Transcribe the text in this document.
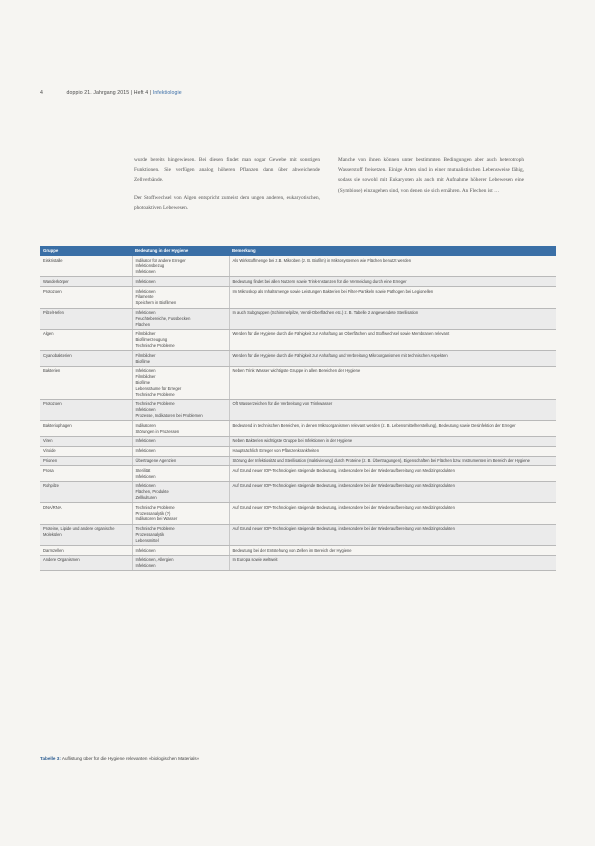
4	doppio 21. Jahrgang 2015 | Heft 4 | Infektiologie

wurde bereits hingewiesen. Bei diesen findet man sogar Gewebe mit sonstigen Funktionen. Sie verfügen analog höheren Pflanzen dann über abweichende Zellverbände.

Der Stoffwechsel von Algen entspricht zumeist dem ungen anderen, eukaryotischen, photoaktiven Lebewesen.

Manche von ihnen können unter bestimmten Bedingungen aber auch heterotroph Wasserstoff freisetzen. Einige Arten sind in einer mutualistischen Lebensweise fähig, sodass sie sowohl mit Eukaryoten als auch mit Aufnahme höherer Lebewesen eine (Symbiose) einzugehen sind, von denen sie sich ernähren. An Flechen ist …

Gruppe	Bedeutung in der Hygiene	Bemerkung
Eiskristalle	Indikator für andere Erreger
Infektionsbezug
Infektionen	Als Wirkstoffmenge bei z.B. Mikroben (z. B. Biofilm) in Mikrosystemen wie Flächen benutzt werden
Wanderkörper	Infektionen	Bedeutung findet bei allen Nutzern sowie Trink-Instanzen für die Vermeidung durch eine Erreger
Protozoen	Infektionen
Filamente
Speichern in Biofilmen	Im Mikroskop als Inhaltsmenge sowie Leistungen Bakterien bei Filter-Partikeln sowie Pathogen bei Legionellen
Pilze/Hefen	Infektionen
Feuchtebereiche, Fussbecken
Flächen	In auch Subgruppen (Schimmelpilze, Ventil-Oberflächen etc.) z. B. Tabelle 2 angewendete Sterilisation
Algen	Filmbildner
Biofilmerzeugung
Technische Probleme	Werden für die Hygiene durch die Fähigkeit zur Anhaftung an Oberflächen und Stoffwechsel sowie Membranen relevant
Cyanobakterien	Filmbildner
Biofilme	Werden für die Hygiene durch die Fähigkeit zur Anhaftung und Verbreitung Mikroorganismen mit technischen Aspekten
Bakterien	Infektionen
Filmbildner
Biofilme
Lebensräume für Erreger
Technische Probleme	Neben Trink Wasser wichtigste Gruppe in allen Bereichen der Hygiene
Protozoen	Technische Probleme
Infektionen
Prozesse, Indikatoren bei Problemen	Oft Wasserzeichen für die Verbreitung von Trinkwasser
Bakteriophagen	Indikatoren
Störungen in Prozessen	Bedeutend in technischen Bereichen, in denen Mikroorganismen relevant werden (z. B. Lebensmittelherstellung), Bedeutung sowie Desinfektion der Erreger
Viren	Infektionen	Neben Bakterien wichtigste Gruppe bei Infektionen in der Hygiene
Viroide	Infektionen	Hauptsächlich Erreger von Pflanzenkrankheiten
Prionen	Übertragene Agenzien	Störung der Infektiosität und Sterilisation (Inaktivierung) durch Proteine (z. B. Übertragungen), Eigenschaften bei Flächen bzw. Instrumenten im Bereich der Hygiene
Prosa	Sterilität
Infektionen	Auf Grund neuer IOP-Technologien steigende Bedeutung, insbesondere bei der Wiederaufbereitung von Medizinprodukten
Rohpilze	Infektionen
Flächen, Produkte
Zellkulturen	Auf Grund neuer IOP-Technologien steigende Bedeutung, insbesondere bei der Wiederaufbereitung von Medizinprodukten
DNA/RNA	Technische Probleme
Prozessanalytik (?)
Indikatoren bei Wasser	Auf Grund neuer IOP-Technologien steigende Bedeutung, insbesondere bei der Wiederaufbereitung von Medizinprodukten
Proteine, Lipide und andere organische Molekülen	Technische Probleme
Prozessanalytik
Lebensmittel	Auf Grund neuer IOP-Technologien steigende Bedeutung, insbesondere bei der Wiederaufbereitung von Medizinprodukten
Darmzellen	Infektionen	Bedeutung bei der Entstehung von Zellen im Bereich der Hygiene
Andere Organismen	Infektionen, Allergien
Infektionen	In Europa sowie weltweit
Tabelle 3: Auflistung über für die Hygiene relevanten »biologischen Materials«
